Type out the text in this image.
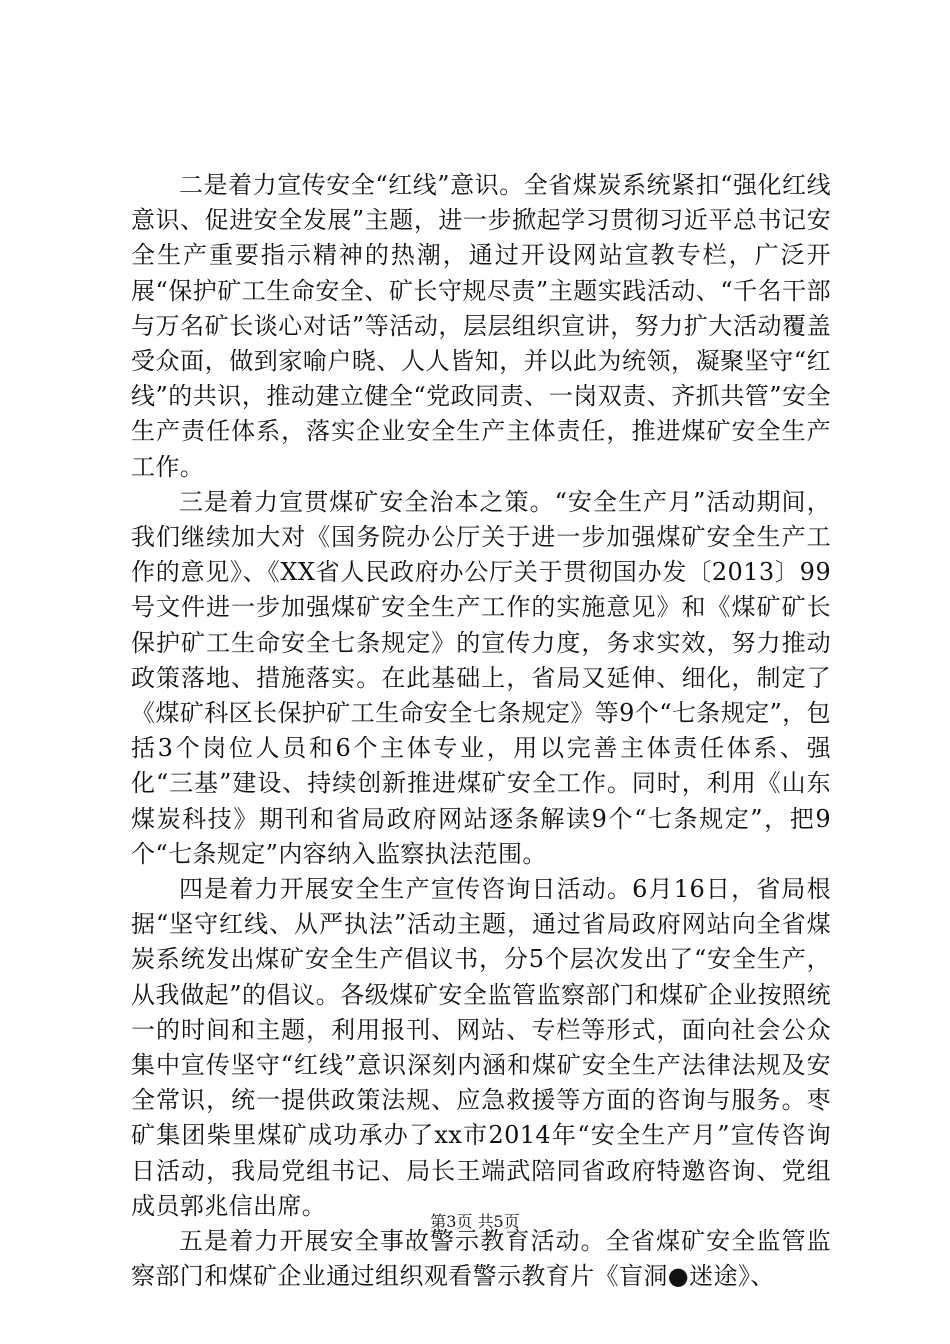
二是着力宣传安全“红线”意识。全省煤炭系统紧扣“强化红线意识、促进安全发展”主题，进一步掀起学习贯彻习近平总书记安全生产重要指示精神的热潮，通过开设网站宣教专栏，广泛开展“保护矿工生命安全、矿长守规尽责”主题实践活动、“千名干部与万名矿长谈心对话”等活动，层层组织宣讲，努力扩大活动覆盖受众面，做到家喻户晓、人人皆知，并以此为统领，凝聚坚守“红线”的共识，推动建立健全“党政同责、一岗双责、齐抓共管”安全生产责任体系，落实企业安全生产主体责任，推进煤矿安全生产工作。

三是着力宣贯煤矿安全治本之策。“安全生产月”活动期间，我们继续加大对《国务院办公厅关于进一步加强煤矿安全生产工作的意见》、《XX省人民政府办公厅关于贯彻国办发〔2013〕99号文件进一步加强煤矿安全生产工作的实施意见》和《煤矿矿长保护矿工生命安全七条规定》的宣传力度，务求实效，努力推动政策落地、措施落实。在此基础上，省局又延伸、细化，制定了《煤矿科区长保护矿工生命安全七条规定》等9个“七条规定”，包括3个岗位人员和6个主体专业，用以完善主体责任体系、强化“三基”建设、持续创新推进煤矿安全工作。同时，利用《山东煤炭科技》期刊和省局政府网站逐条解读9个“七条规定”，把9个“七条规定”内容纳入监察执法范围。

四是着力开展安全生产宣传咨询日活动。6月16日，省局根据“坚守红线、从严执法”活动主题，通过省局政府网站向全省煤炭系统发出煤矿安全生产倡议书，分5个层次发出了“安全生产，从我做起”的倡议。各级煤矿安全监管监察部门和煤矿企业按照统一的时间和主题，利用报刊、网站、专栏等形式，面向社会公众集中宣传坚守“红线”意识深刻内涵和煤矿安全生产法律法规及安全常识，统一提供政策法规、应急救援等方面的咨询与服务。枣矿集团柴里煤矿成功承办了xx市2014年“安全生产月”宣传咨询日活动，我局党组书记、局长王端武陪同省政府特邀咨询、党组成员郭兆信出席。

五是着力开展安全事故警示教育活动。全省煤矿安全监管监察部门和煤矿企业通过组织观看警示教育片《盲洞●迷途》、

第3页 共5页
